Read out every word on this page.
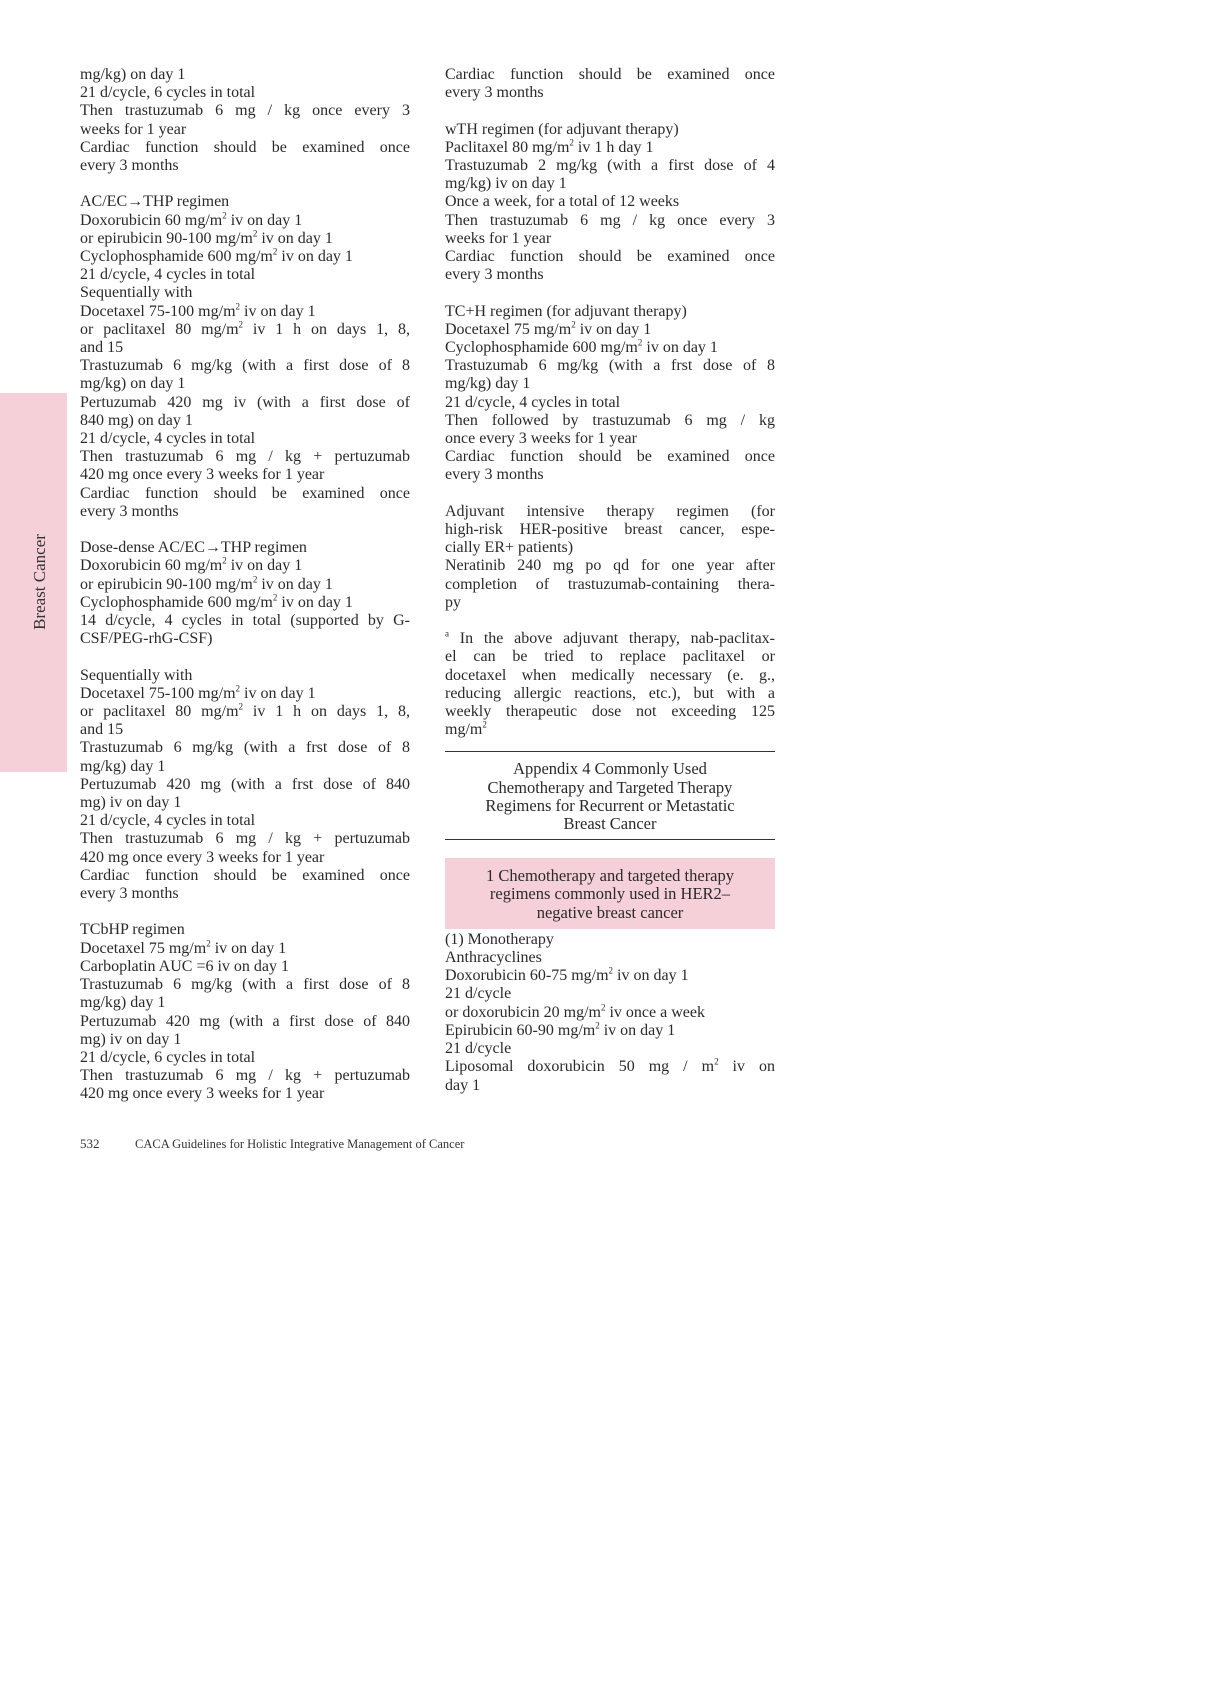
Breast Cancer
mg/kg) on day 1
21 d/cycle, 6 cycles in total
Then trastuzumab 6 mg / kg once every 3
weeks for 1 year
Cardiac function should be examined once
every 3 months
AC/EC→THP regimen
Doxorubicin 60 $mg/m^2$ iv on day 1
or epirubicin 90-100 $mg/m^2$ iv on day 1
Cyclophosphamide 600 $mg/m^2$ iv on day 1
21 d/cycle, 4 cycles in total
Sequentially with
Docetaxel 75-100 $mg/m^2$ iv on day 1
or paclitaxel 80 $mg/m^2$ iv 1 h on days 1, 8,
and 15
Trastuzumab 6 mg/kg (with a first dose of 8
mg/kg) on day 1
Pertuzumab 420 mg iv (with a first dose of
840 mg) on day 1
21 d/cycle, 4 cycles in total
Then trastuzumab 6 mg / kg + pertuzumab
420 mg once every 3 weeks for 1 year
Cardiac function should be examined once
every 3 months
Dose-dense AC/EC→THP regimen
Doxorubicin 60 $mg/m^2$ iv on day 1
or epirubicin 90-100 $mg/m^2$ iv on day 1
Cyclophosphamide 600 $mg/m^2$ iv on day 1
14 d/cycle, 4 cycles in total (supported by G-
CSF/PEG-rhG-CSF)
Sequentially with
Docetaxel 75-100 $mg/m^2$ iv on day 1
or paclitaxel 80 $mg/m^2$ iv 1 h on days 1, 8,
and 15
Trastuzumab 6 mg/kg (with a frst dose of 8
mg/kg) day 1
Pertuzumab 420 mg (with a frst dose of 840
mg) iv on day 1
21 d/cycle, 4 cycles in total
Then trastuzumab 6 mg / kg + pertuzumab
420 mg once every 3 weeks for 1 year
Cardiac function should be examined once
every 3 months
TCbHP regimen
Docetaxel 75 $mg/m^2$ iv on day 1
Carboplatin AUC =6 iv on day 1
Trastuzumab 6 mg/kg (with a first dose of 8
mg/kg) day 1
Pertuzumab 420 mg (with a first dose of 840
mg) iv on day 1
21 d/cycle, 6 cycles in total
Then trastuzumab 6 mg / kg + pertuzumab
420 mg once every 3 weeks for 1 year
Cardiac function should be examined once
every 3 months
wTH regimen (for adjuvant therapy)
Paclitaxel 80 $mg/m^2$ iv 1 h day 1
Trastuzumab 2 mg/kg (with a first dose of 4
mg/kg) iv on day 1
Once a week, for a total of 12 weeks
Then trastuzumab 6 mg / kg once every 3
weeks for 1 year
Cardiac function should be examined once
every 3 months
TC+H regimen (for adjuvant therapy)
Docetaxel 75 $mg/m^2$ iv on day 1
Cyclophosphamide 600 $mg/m^2$ iv on day 1
Trastuzumab 6 mg/kg (with a frst dose of 8
mg/kg) day 1
21 d/cycle, 4 cycles in total
Then followed by trastuzumab 6 mg / kg
once every 3 weeks for 1 year
Cardiac function should be examined once
every 3 months
Adjuvant intensive therapy regimen (for
high-risk HER-positive breast cancer, espe-
cially ER+ patients)
Neratinib 240 mg po qd for one year after
completion of trastuzumab-containing thera-
py
$^a$ In the above adjuvant therapy, nab-paclitax-
el can be tried to replace paclitaxel or
docetaxel when medically necessary (e. g.,
reducing allergic reactions, etc.), but with a
weekly therapeutic dose not exceeding 125
$mg/m^2$
Appendix 4 Commonly Used
Chemotherapy and Targeted Therapy
Regimens for Recurrent or Metastatic
Breast Cancer
1 Chemotherapy and targeted therapy
regimens commonly used in HER2–
negative breast cancer
(1) Monotherapy
Anthracyclines
Doxorubicin 60-75 $mg/m^2$ iv on day 1
21 d/cycle
or doxorubicin 20 $mg/m^2$ iv once a week
Epirubicin 60-90 $mg/m^2$ iv on day 1
21 d/cycle
Liposomal doxorubicin 50 mg / $m^2$ iv on
day 1
532	CACA Guidelines for Holistic Integrative Management of Cancer
